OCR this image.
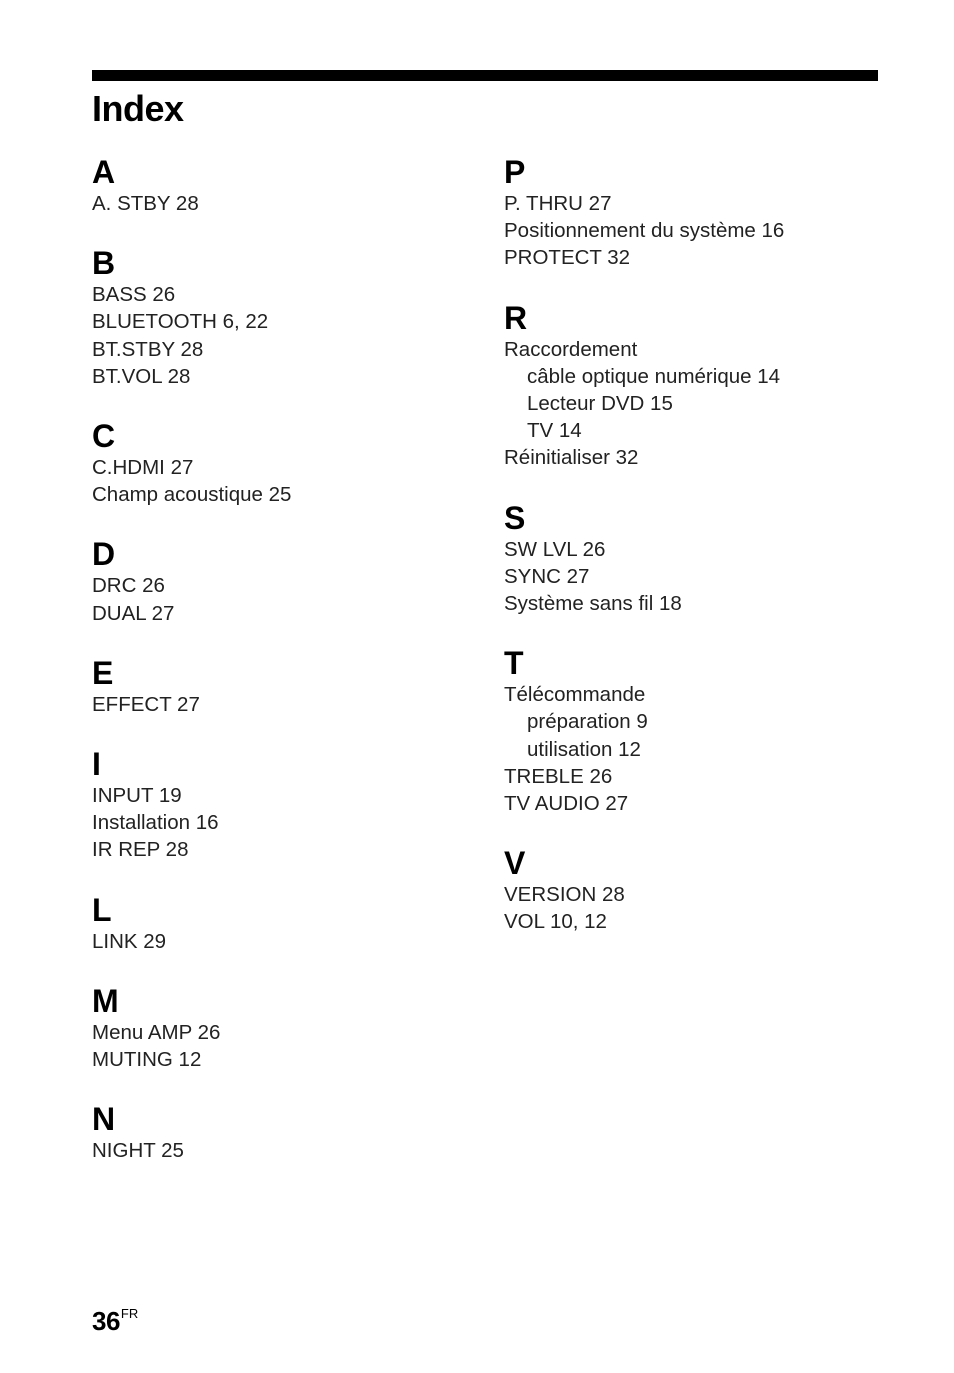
Index
A
A. STBY 28
B
BASS 26
BLUETOOTH 6, 22
BT.STBY 28
BT.VOL 28
C
C.HDMI 27
Champ acoustique 25
D
DRC 26
DUAL 27
E
EFFECT 27
I
INPUT 19
Installation 16
IR REP 28
L
LINK 29
M
Menu AMP 26
MUTING 12
N
NIGHT 25
P
P. THRU 27
Positionnement du système 16
PROTECT 32
R
Raccordement
câble optique numérique 14
Lecteur DVD 15
TV 14
Réinitialiser 32
S
SW LVL 26
SYNC 27
Système sans fil 18
T
Télécommande
préparation 9
utilisation 12
TREBLE 26
TV AUDIO 27
V
VERSION 28
VOL 10, 12
$36^{FR}$
